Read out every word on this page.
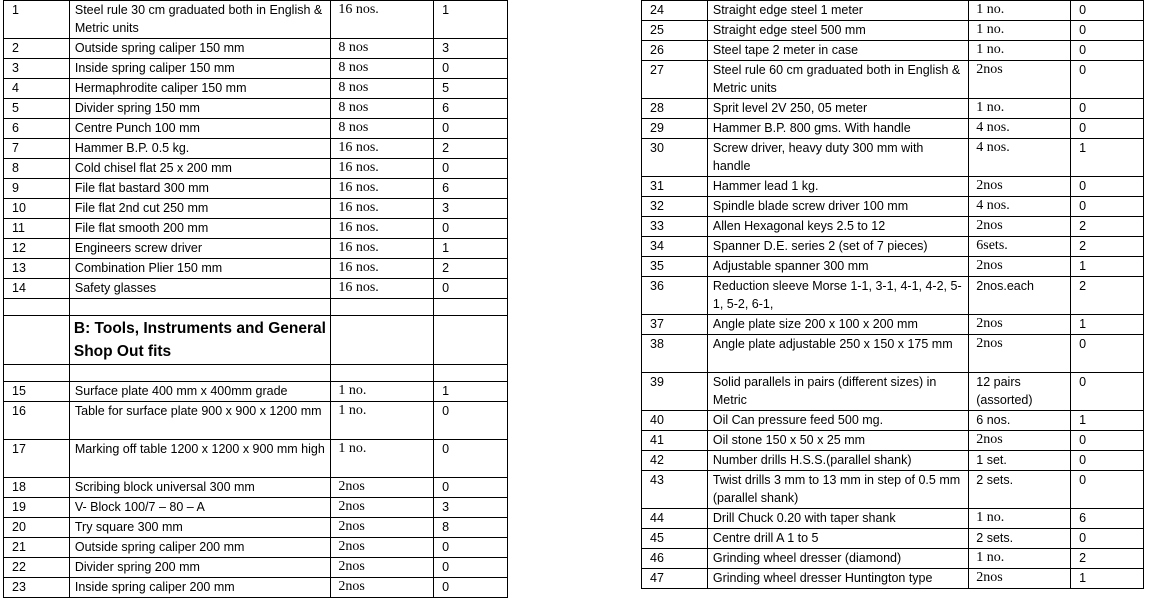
1	Steel rule 30 cm graduated both in English & Metric units	16 nos.	1
2	Outside spring caliper 150 mm	8 nos	3
3	Inside spring caliper 150 mm	8 nos	0
4	Hermaphrodite caliper 150 mm	8 nos	5
5	Divider spring 150 mm	8 nos	6
6	Centre Punch 100 mm	8 nos	0
7	Hammer B.P. 0.5 kg.	16 nos.	2
8	Cold chisel flat 25 x 200 mm	16 nos.	0
9	File flat bastard 300 mm	16 nos.	6
10	File flat 2nd cut 250 mm	16 nos.	3
11	File flat smooth 200 mm	16 nos.	0
12	Engineers screw driver	16 nos.	1
13	Combination Plier 150 mm	16 nos.	2
14	Safety glasses	16 nos.	0

	B: Tools, Instruments and General Shop Out fits		

15	Surface plate 400 mm x 400mm grade	1 no.	1
16	Table for surface plate 900 x 900 x 1200 mm	1 no.	0
17	Marking off table 1200 x 1200 x 900 mm high	1 no.	0
18	Scribing block universal 300 mm	2nos	0
19	V- Block 100/7 – 80 – A	2nos	3
20	Try square 300 mm	2nos	8
21	Outside spring caliper 200 mm	2nos	0
22	Divider spring 200 mm	2nos	0
23	Inside spring caliper 200 mm	2nos	0
24	Straight edge steel 1 meter	1 no.	0
25	Straight edge steel 500 mm	1 no.	0
26	Steel tape 2 meter in case	1 no.	0
27	Steel rule 60 cm graduated both in English & Metric units	2nos	0
28	Sprit level 2V 250, 05 meter	1 no.	0
29	Hammer B.P. 800 gms. With handle	4 nos.	0
30	Screw driver, heavy duty 300 mm with handle	4 nos.	1
31	Hammer lead 1 kg.	2nos	0
32	Spindle blade screw driver 100 mm	4 nos.	0
33	Allen Hexagonal keys 2.5 to 12	2nos	2
34	Spanner D.E. series 2 (set of 7 pieces)	6sets.	2
35	Adjustable spanner 300 mm	2nos	1
36	Reduction sleeve Morse 1-1, 3-1, 4-1, 4-2, 5-1, 5-2, 6-1,	2nos.each	2
37	Angle plate size 200 x 100 x 200 mm	2nos	1
38	Angle plate adjustable 250 x 150 x 175 mm	2nos	0
39	Solid parallels in pairs (different sizes) in Metric	12 pairs (assorted)	0
40	Oil Can pressure feed 500 mg.	6 nos.	1
41	Oil stone 150 x 50 x 25 mm	2nos	0
42	Number drills H.S.S.(parallel shank)	1 set.	0
43	Twist drills 3 mm to 13 mm in step of 0.5 mm (parallel shank)	2 sets.	0
44	Drill Chuck 0.20 with taper shank	1 no.	6
45	Centre drill A 1 to 5	2 sets.	0
46	Grinding wheel dresser (diamond)	1 no.	2
47	Grinding wheel dresser Huntington type	2nos	1
